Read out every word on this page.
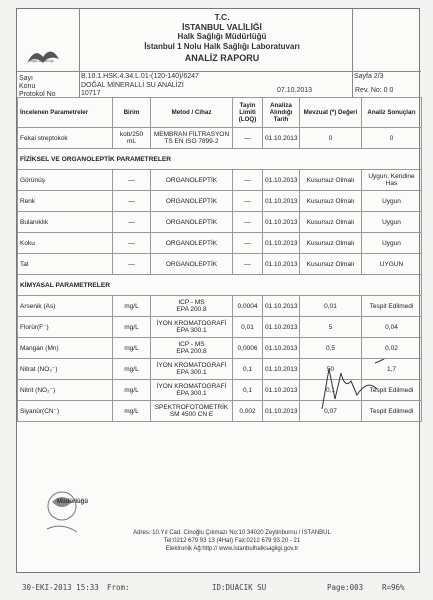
Sağlık Bakanlığı
T.C.
İSTANBUL VALİLİĞİ
Halk Sağlığı Müdürlüğü
İstanbul 1 Nolu Halk Sağlığı Laboratuvarı
ANALİZ RAPORU
Sayı	B.10.1.HSK.4.34.L.01-(120-140)/6247
Konu	DOĞAL MİNERALLİ SU ANALİZİ
Protokol No	10717
Sayfa 2/3
07.10.2013	Rev. No: 0 0
İncelenen Parametreler	Birim	Metod / Cihaz	Tayin Limiti (LOQ)	Analiza Alındığı Tarih	Mevzuat (*) Değeri	Analiz Sonuçları
Fekal streptokok	kob/250 mL	MEMBRAN FİLTRASYON
TS EN ISO 7899-2	—	01.10.2013	0	0
FİZİKSEL VE ORGANOLEPTİK PARAMETRELER						
Görünüş	—	ORGANOLEPTİK	—	01.10.2013	Kusursuz Olmalı	Uygun, Kendine Has
Renk	—	ORGANOLEPTİK	—	01.10.2013	Kusursuz Olmalı	Uygun
Bulanıklık	—	ORGANOLEPTİK	—	01.10.2013	Kusursuz Olmalı	Uygun
Koku	—	ORGANOLEPTİK	—	01.10.2013	Kusursuz Olmalı	Uygun
Tat	—	ORGANOLEPTİK	—	01.10.2013	Kusursuz Olmalı	UYGUN
KİMYASAL PARAMETRELER						
Arsenik (As)	mg/L	ICP - MS
EPA 200.8	0,0004	01.10.2013	0,01	Tespit Edilmedi
Florür(F⁻)	mg/L	İYON KROMATOGRAFİ
EPA 300.1	0,01	01.10.2013	5	0,04
Mangan (Mn)	mg/L	ICP - MS
EPA 200.8	0,0006	01.10.2013	0,5	0,02
Nitrat (NO₃⁻)	mg/L	İYON KROMATOGRAFİ
EPA 300.1	0,1	01.10.2013	50	1,7
Nitrit (NO₂⁻)	mg/L	İYON KROMATOGRAFİ
EPA 300.1	0,1	01.10.2013	0,1	Tespit Edilmedi
Siyanür(CN⁻)	mg/L	SPEKTROFOTOMETRİK
SM 4500 CN E	0,002	01.10.2013	0,07	Tespit Edilmedi
Müdürlüğü
Adres: 10.Yıl Cad. Cinoğlu Çıkmazı No:10 34020 Zeytinburnu / İSTANBUL
Tel:0212 679 93 13 (4Hat) Fax:0212 679 93 20 - 21
Elektronik Ağ:http:// www.istanbulhalksagligi.gov.tr
30-EKI-2013 15:33 From:	ID:DUACIK SU	Page:003	R=96%
